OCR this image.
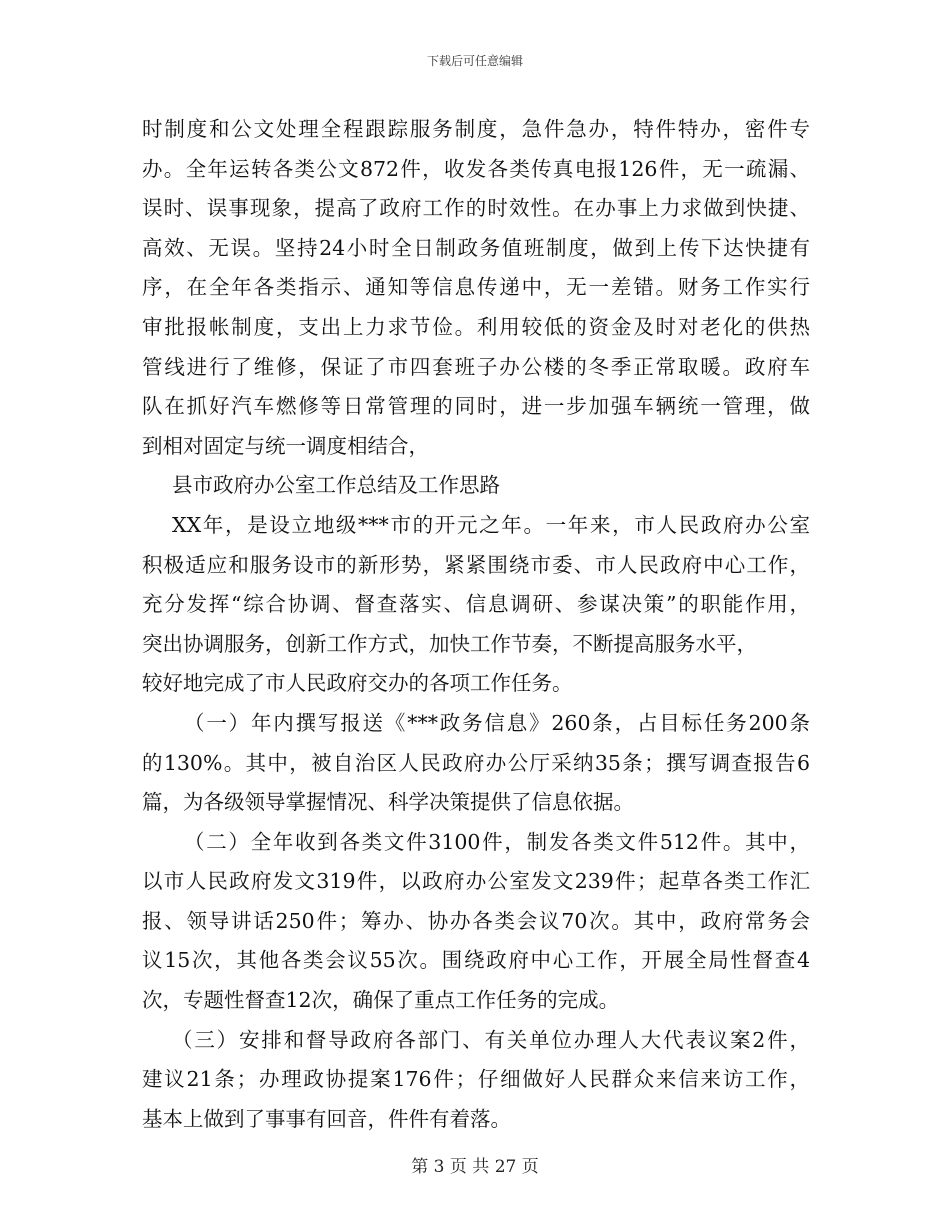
下载后可任意编辑
时制度和公文处理全程跟踪服务制度，急件急办，特件特办，密件专
办。全年运转各类公文872件，收发各类传真电报126件，无一疏漏、
误时、误事现象，提高了政府工作的时效性。在办事上力求做到快捷、
高效、无误。坚持24小时全日制政务值班制度，做到上传下达快捷有
序，在全年各类指示、通知等信息传递中，无一差错。财务工作实行
审批报帐制度，支出上力求节俭。利用较低的资金及时对老化的供热
管线进行了维修，保证了市四套班子办公楼的冬季正常取暖。政府车
队在抓好汽车燃修等日常管理的同时，进一步加强车辆统一管理，做
到相对固定与统一调度相结合，
县市政府办公室工作总结及工作思路
XX年，是设立地级***市的开元之年。一年来，市人民政府办公室
积极适应和服务设市的新形势，紧紧围绕市委、市人民政府中心工作，
充分发挥“综合协调、督查落实、信息调研、参谋决策”的职能作用，
突出协调服务，创新工作方式，加快工作节奏，不断提高服务水平，
较好地完成了市人民政府交办的各项工作任务。
（一）年内撰写报送《***政务信息》260条，占目标任务200条
的130%。其中，被自治区人民政府办公厅采纳35条；撰写调查报告6
篇，为各级领导掌握情况、科学决策提供了信息依据。
（二）全年收到各类文件3100件，制发各类文件512件。其中，
以市人民政府发文319件，以政府办公室发文239件；起草各类工作汇
报、领导讲话250件；筹办、协办各类会议70次。其中，政府常务会
议15次，其他各类会议55次。围绕政府中心工作，开展全局性督查4
次，专题性督查12次，确保了重点工作任务的完成。
（三）安排和督导政府各部门、有关单位办理人大代表议案2件，
建议21条；办理政协提案176件；仔细做好人民群众来信来访工作，
基本上做到了事事有回音，件件有着落。
第 3 页 共 27 页
